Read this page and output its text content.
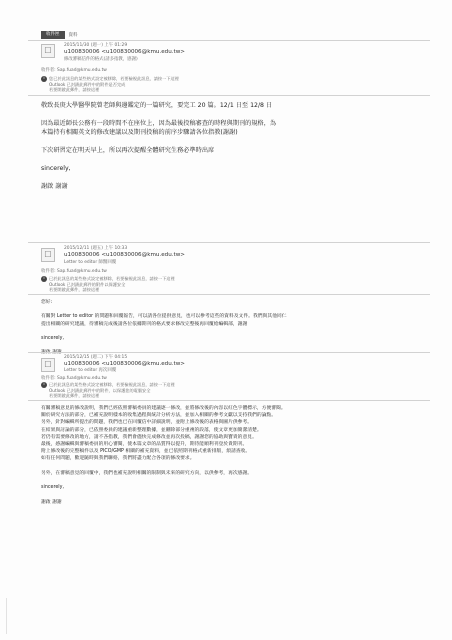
收件匣	資料
☐
2015/11/30 (週一) 上午 01:29
u100830006 <u100830006@kmu.edu.tw>
修改審稿信件的格式(請多指教，感謝)
收件者: Sap.fuad@kmu.edu.tw
i 您已於此訊息的某些格式設定被移除，若要檢視此訊息，請按一下這裡
Outlook 已封鎖此郵件中的附件是否完成
若要開啟此郵件，請按這裡
敬致長庚大學醫學院曾老師與邊鑑定的一篇研究，要完工 20 篇。12/1 日至 12/8 日

因為最近師長公務有一段時間不在座位上，因為最後投稿審查的時程與期刊的規格，為
本篇持有相關英文的修改建議以及期刊投稿的前序步驟請各位指教(謝謝)

下次研習定在明天早上，所以再次提醒全體研究生務必準時出席

sincerely,

謝啟 謝謝
☐
2015/12/11 (週五) 上午 10:33
u100830006 <u100830006@kmu.edu.tw>
Letter to editor 師醫回覆
收件者: Sap.fuad@kmu.edu.tw
i 已於此訊息的某些格式設定被移除，若要檢視此訊息，請按一下這裡
Outlook 已封鎖此郵件的附件以保護安全
若要開啟此郵件，請按這裡
您好:

有關對 Letter to editor 的問題和回覆報告，可以請各位提供意見，也可以參考這些的資料及文件。我們與其他同仁
提出相關的研究建議，待審稿完成後請各位依據期刊的格式要求修改完整後再回覆給編輯部，謝謝

sincerely,

☐
2015/12/15 (週二) 下午 04:15
u100830006 <u100830006@kmu.edu.tw>
Letter to editor 再次回覆
收件者: Sap.fuad@kmu.edu.tw
i 已於此訊息的某些格式設定被移除，若要檢視此訊息，請按一下這裡
Outlook 已封鎖此郵件中的附件，以保護您的電腦安全
若要開啟此郵件，請按這裡
有關審稿意見的修改說明，我們已經依照審稿委員的建議逐一修改，並將修改後的內容以紅色字體標示，方便審閱。
關於研究方法的部分，已補充說明樣本的收集過程與統計分析方法，並加入相關的參考文獻以支持我們的論點。
另外，針對編輯所提出的問題，我們也已在回覆信中詳細說明，並附上修改後的表格與圖片供參考。
在結果與討論的部分，已依照委員的建議重新整理數據，並刪除部分重複的段落，使文章更加簡潔清楚。
若仍有需要修改的地方，請不吝指教，我們會儘快完成修改並再次投稿，謝謝您的協助與寶貴的意見。
最後，感謝編輯與審稿委員的用心審閱，使本篇文章的品質得以提升，期待能順利刊登於貴期刊。
附上修改後的完整稿件以及 PICO/GMP 相關的補充資料，並已依照期刊格式重新排版，煩請查收。
如有任何問題，歡迎隨時與我們聯絡，我們將盡力配合各項的修改要求。

另外，在審稿意見的回覆中，我們也補充說明相關的限制與未來的研究方向，以供參考，再次感謝。

sincerely,

謝啟 謝謝
